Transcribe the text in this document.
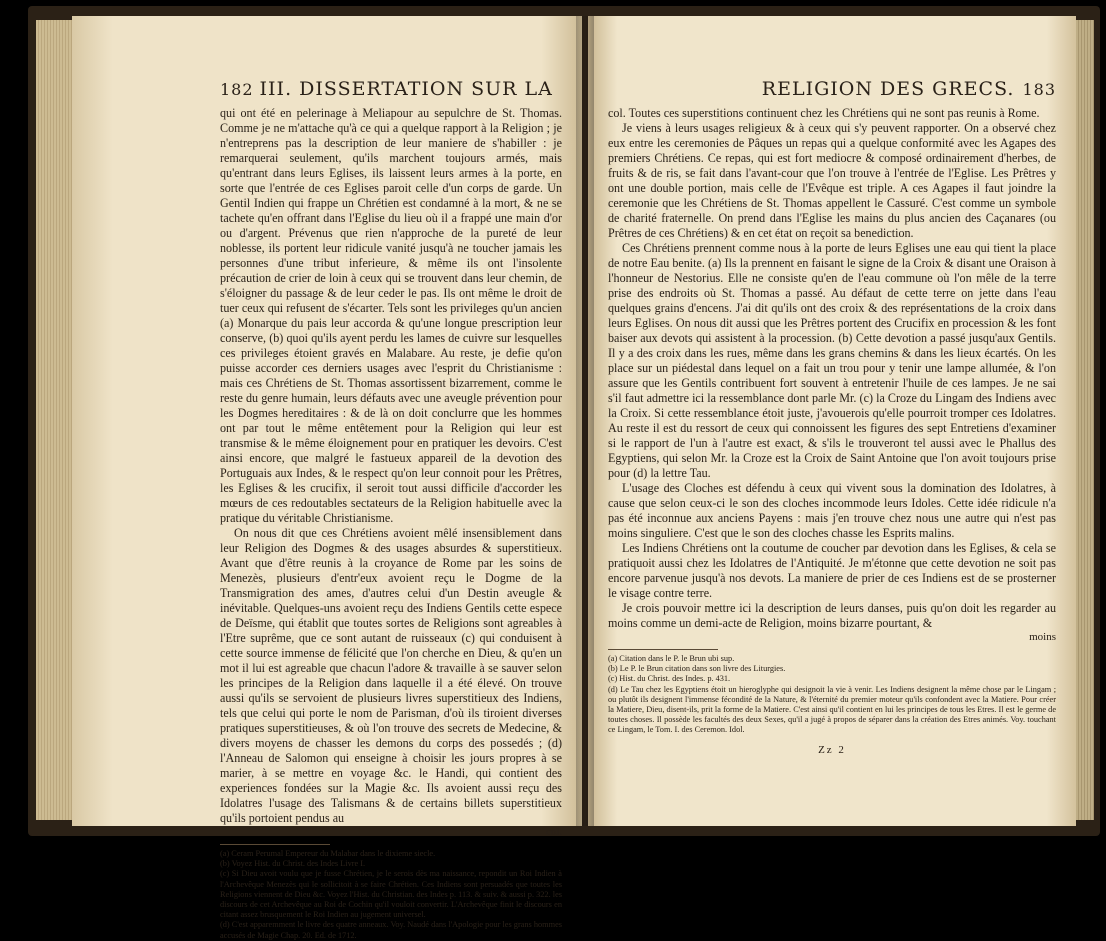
182 III. DISSERTATION SUR LA

qui ont été en pelerinage à Meliapour au sepulchre de St. Thomas. Comme je ne m'attache qu'à ce qui a quelque rapport à la Religion ; je n'entreprens pas la description de leur maniere de s'habiller : je remarquerai seulement, qu'ils marchent toujours armés, mais qu'entrant dans leurs Eglises, ils laissent leurs armes à la porte, en sorte que l'entrée de ces Eglises paroit celle d'un corps de garde. Un Gentil Indien qui frappe un Chrétien est condamné à la mort, & ne se tachete qu'en offrant dans l'Eglise du lieu où il a frappé une main d'or ou d'argent. Prévenus que rien n'approche de la pureté de leur noblesse, ils portent leur ridicule vanité jusqu'à ne toucher jamais les personnes d'une tribut inferieure, & même ils ont l'insolente précaution de crier de loin à ceux qui se trouvent dans leur chemin, de s'éloigner du passage & de leur ceder le pas. Ils ont même le droit de tuer ceux qui refusent de s'écarter. Tels sont les privileges qu'un ancien (a) Monarque du pais leur accorda & qu'une longue prescription leur conserve, (b) quoi qu'ils ayent perdu les lames de cuivre sur lesquelles ces privileges étoient gravés en Malabare. Au reste, je defie qu'on puisse accorder ces derniers usages avec l'esprit du Christianisme : mais ces Chrétiens de St. Thomas assortissent bizarrement, comme le reste du genre humain, leurs défauts avec une aveugle prévention pour les Dogmes hereditaires : & de là on doit conclurre que les hommes ont par tout le même entêtement pour la Religion qui leur est transmise & le même éloignement pour en pratiquer les devoirs. C'est ainsi encore, que malgré le fastueux appareil de la devotion des Portuguais aux Indes, & le respect qu'on leur connoit pour les Prêtres, les Eglises & les crucifix, il seroit tout aussi difficile d'accorder les mœurs de ces redoutables sectateurs de la Religion habituelle avec la pratique du véritable Christianisme.

On nous dit que ces Chrétiens avoient mêlé insensiblement dans leur Religion des Dogmes & des usages absurdes & superstitieux. Avant que d'être reunis à la croyance de Rome par les soins de Menezès, plusieurs d'entr'eux avoient reçu le Dogme de la Transmigration des ames, d'autres celui d'un Destin aveugle & inévitable. Quelques-uns avoient reçu des Indiens Gentils cette espece de Deïsme, qui établit que toutes sortes de Religions sont agreables à l'Etre suprême, que ce sont autant de ruisseaux (c) qui conduisent à cette source immense de félicité que l'on cherche en Dieu, & qu'en un mot il lui est agreable que chacun l'adore & travaille à se sauver selon les principes de la Religion dans laquelle il a été élevé. On trouve aussi qu'ils se servoient de plusieurs livres superstitieux des Indiens, tels que celui qui porte le nom de Parisman, d'où ils tiroient diverses pratiques superstitieuses, & où l'on trouve des secrets de Medecine, & divers moyens de chasser les demons du corps des possedés ; (d) l'Anneau de Salomon qui enseigne à choisir les jours propres à se marier, à se mettre en voyage &c. le Handi, qui contient des experiences fondées sur la Magie &c. Ils avoient aussi reçu des Idolatres l'usage des Talismans & de certains billets superstitieux qu'ils portoient pendus au

col.
(a) Ceram Perumal Empereur du Malabar dans le dixieme siecle.
(b) Voyez Hist. du Christ. des Indes Livre I.
(c) Si Dieu avoit voulu que je fusse Chrétien, je le serois dès ma naissance, repondit un Roi Indien à l'Archevêque Menezès qui le sollicitoit à se faire Chrétien. Ces Indiens sont persuadés que toutes les Religions viennent de Dieu &c. Voyez l'Hist. du Christian. des Indes p. 113. & suiv. & aussi p. 322. les discours de cet Archevêque au Roi de Cochin qu'il vouloit convertir. L'Archevêque finit le discours en citant assez brusquement le Roi Indien au jugement universel.
(d) C'est apparemment le livre des quatre anneaux. Voy. Naudé dans l'Apologie pour les grans hommes accusés de Magie Chap. 20. Ed. de 1712.
RELIGION DES GRECS. 183

col. Toutes ces superstitions continuent chez les Chrétiens qui ne sont pas reunis à Rome.

Je viens à leurs usages religieux & à ceux qui s'y peuvent rapporter. On a observé chez eux entre les ceremonies de Pâques un repas qui a quelque conformité avec les Agapes des premiers Chrétiens. Ce repas, qui est fort mediocre & composé ordinairement d'herbes, de fruits & de ris, se fait dans l'avant-cour que l'on trouve à l'entrée de l'Eglise. Les Prêtres y ont une double portion, mais celle de l'Evêque est triple. A ces Agapes il faut joindre la ceremonie que les Chrétiens de St. Thomas appellent le Cassuré. C'est comme un symbole de charité fraternelle. On prend dans l'Eglise les mains du plus ancien des Caçanares (ou Prêtres de ces Chrétiens) & en cet état on reçoit sa benediction.

Ces Chrétiens prennent comme nous à la porte de leurs Eglises une eau qui tient la place de notre Eau benite. (a) Ils la prennent en faisant le signe de la Croix & disant une Oraison à l'honneur de Nestorius. Elle ne consiste qu'en de l'eau commune où l'on mêle de la terre prise des endroits où St. Thomas a passé. Au défaut de cette terre on jette dans l'eau quelques grains d'encens. J'ai dit qu'ils ont des croix & des représentations de la croix dans leurs Eglises. On nous dit aussi que les Prêtres portent des Crucifix en procession & les font baiser aux devots qui assistent à la procession. (b) Cette devotion a passé jusqu'aux Gentils. Il y a des croix dans les rues, même dans les grans chemins & dans les lieux écartés. On les place sur un piédestal dans lequel on a fait un trou pour y tenir une lampe allumée, & l'on assure que les Gentils contribuent fort souvent à entretenir l'huile de ces lampes. Je ne sai s'il faut admettre ici la ressemblance dont parle Mr. (c) la Croze du Lingam des Indiens avec la Croix. Si cette ressemblance étoit juste, j'avouerois qu'elle pourroit tromper ces Idolatres. Au reste il est du ressort de ceux qui connoissent les figures des sept Entretiens d'examiner si le rapport de l'un à l'autre est exact, & s'ils le trouveront tel aussi avec le Phallus des Egyptiens, qui selon Mr. la Croze est la Croix de Saint Antoine que l'on avoit toujours prise pour (d) la lettre Tau.

L'usage des Cloches est défendu à ceux qui vivent sous la domination des Idolatres, à cause que selon ceux-ci le son des cloches incommode leurs Idoles. Cette idée ridicule n'a pas été inconnue aux anciens Payens : mais j'en trouve chez nous une autre qui n'est pas moins singuliere. C'est que le son des cloches chasse les Esprits malins.

Les Indiens Chrétiens ont la coutume de coucher par devotion dans les Eglises, & cela se pratiquoit aussi chez les Idolatres de l'Antiquité. Je m'étonne que cette devotion ne soit pas encore parvenue jusqu'à nos devots. La maniere de prier de ces Indiens est de se prosterner le visage contre terre.

Je crois pouvoir mettre ici la description de leurs danses, puis qu'on doit les regarder au moins comme un demi-acte de Religion, moins bizarre pourtant, &

moins
(a) Citation dans le P. le Brun ubi sup.
(b) Le P. le Brun citation dans son livre des Liturgies.
(c) Hist. du Christ. des Indes. p. 431.
(d) Le Tau chez les Egyptiens étoit un hieroglyphe qui designoit la vie à venir. Les Indiens designent la même chose par le Lingam ; ou plutôt ils designent l'immense fécondité de la Nature, & l'éternité du premier moteur qu'ils confondent avec la Matiere. Pour créer la Matiere, Dieu, disent-ils, prit la forme de la Matiere. C'est ainsi qu'il contient en lui les principes de tous les Etres. Il est le germe de toutes choses. Il possède les facultés des deux Sexes, qu'il a jugé à propos de séparer dans la création des Etres animés. Voy. touchant ce Lingam, le Tom. I. des Ceremon. Idol.
Zz 2
